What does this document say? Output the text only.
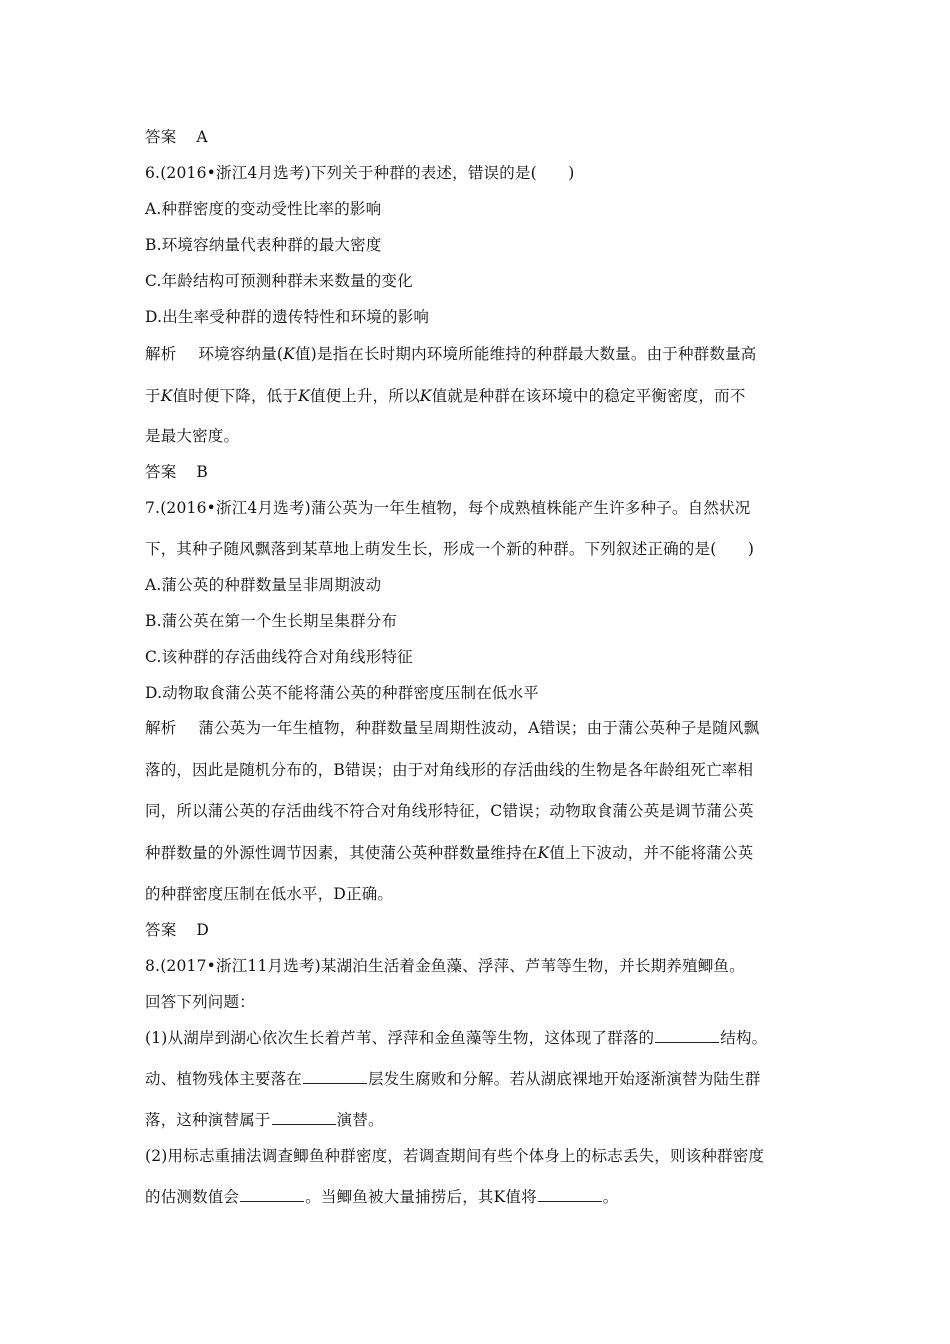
答案 A
6.(2016•浙江4月选考)下列关于种群的表述，错误的是(　　)
A.种群密度的变动受性比率的影响
B.环境容纳量代表种群的最大密度
C.年龄结构可预测种群未来数量的变化
D.出生率受种群的遗传特性和环境的影响
解析 环境容纳量(K值)是指在长时期内环境所能维持的种群最大数量。由于种群数量高
于K值时便下降，低于K值便上升，所以K值就是种群在该环境中的稳定平衡密度，而不
是最大密度。
答案 B
7.(2016•浙江4月选考)蒲公英为一年生植物，每个成熟植株能产生许多种子。自然状况
下，其种子随风飘落到某草地上萌发生长，形成一个新的种群。下列叙述正确的是(　　)
A.蒲公英的种群数量呈非周期波动
B.蒲公英在第一个生长期呈集群分布
C.该种群的存活曲线符合对角线形特征
D.动物取食蒲公英不能将蒲公英的种群密度压制在低水平
解析 蒲公英为一年生植物，种群数量呈周期性波动，A错误；由于蒲公英种子是随风飘
落的，因此是随机分布的，B错误；由于对角线形的存活曲线的生物是各年龄组死亡率相
同，所以蒲公英的存活曲线不符合对角线形特征，C错误；动物取食蒲公英是调节蒲公英
种群数量的外源性调节因素，其使蒲公英种群数量维持在K值上下波动，并不能将蒲公英
的种群密度压制在低水平，D正确。
答案 D
8.(2017•浙江11月选考)某湖泊生活着金鱼藻、浮萍、芦苇等生物，并长期养殖鲫鱼。
回答下列问题：
(1)从湖岸到湖心依次生长着芦苇、浮萍和金鱼藻等生物，这体现了群落的	结构。
动、植物残体主要落在	层发生腐败和分解。若从湖底裸地开始逐渐演替为陆生群
落，这种演替属于	演替。
(2)用标志重捕法调查鲫鱼种群密度，若调查期间有些个体身上的标志丢失，则该种群密度
的估测数值会	。当鲫鱼被大量捕捞后，其K值将	。
